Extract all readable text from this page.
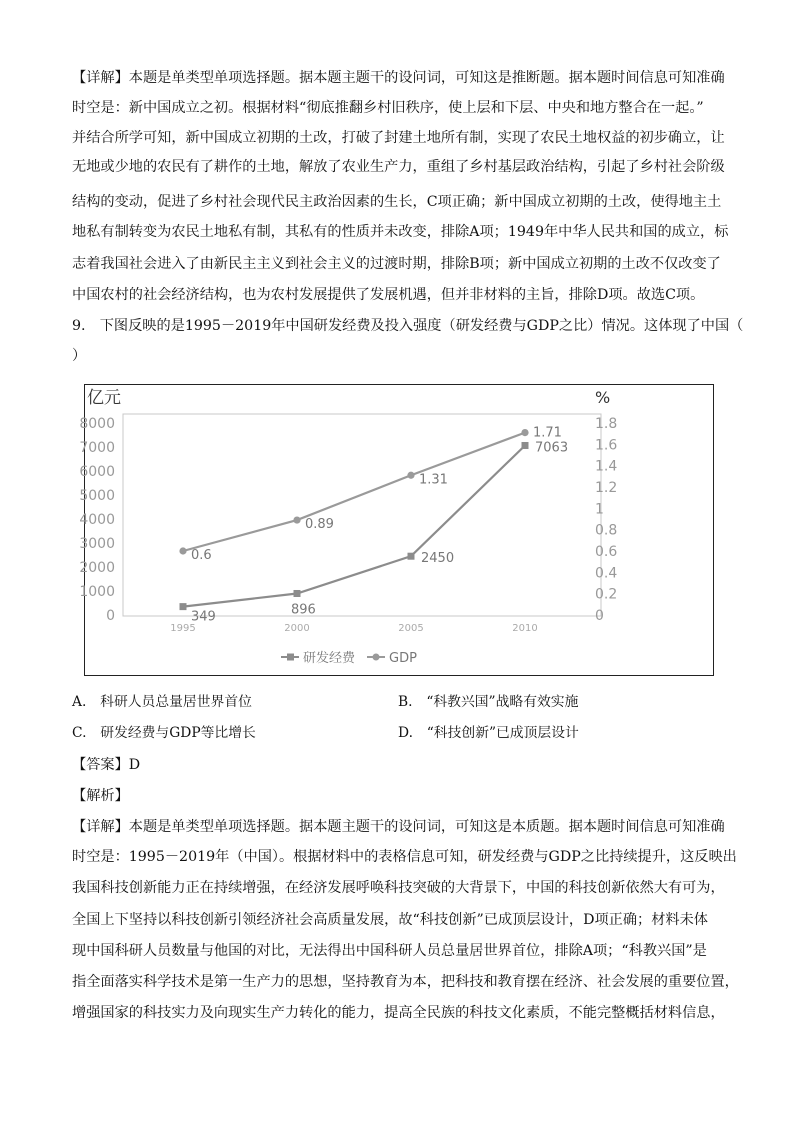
【详解】本题是单类型单项选择题。据本题主题干的设问词，可知这是推断题。据本题时间信息可知准确
时空是：新中国成立之初。根据材料“彻底推翻乡村旧秩序，使上层和下层、中央和地方整合在一起。”
并结合所学可知，新中国成立初期的土改，打破了封建土地所有制，实现了农民土地权益的初步确立，让
无地或少地的农民有了耕作的土地，解放了农业生产力，重组了乡村基层政治结构，引起了乡村社会阶级
结构的变动，促进了乡村社会现代民主政治因素的生长，C项正确；新中国成立初期的土改，使得地主土
地私有制转变为农民土地私有制，其私有的性质并未改变，排除A项；1949年中华人民共和国的成立，标
志着我国社会进入了由新民主主义到社会主义的过渡时期，排除B项；新中国成立初期的土改不仅改变了
中国农村的社会经济结构，也为农村发展提供了发展机遇，但并非材料的主旨，排除D项。故选C项。
9.　下图反映的是1995－2019年中国研发经费及投入强度（研发经费与GDP之比）情况。这体现了中国（
）
亿元	%
0
1000
2000
3000
4000
5000
6000
7000
8000
0
0.2
0.4
0.6
0.8
1
1.2
1.4
1.6
1.8
1995	2000	2005	2010
349	896
2450
7063
0.6
0.89
1.31
1.71
研发经费	GDP
A.　科研人员总量居世界首位	B.　“科教兴国”战略有效实施
C.　研发经费与GDP等比增长	D.　“科技创新”已成顶层设计
【答案】D
【解析】
【详解】本题是单类型单项选择题。据本题主题干的设问词，可知这是本质题。据本题时间信息可知准确
时空是：1995－2019年（中国）。根据材料中的表格信息可知，研发经费与GDP之比持续提升，这反映出
我国科技创新能力正在持续增强，在经济发展呼唤科技突破的大背景下，中国的科技创新依然大有可为，
全国上下坚持以科技创新引领经济社会高质量发展，故“科技创新”已成顶层设计，D项正确；材料未体
现中国科研人员数量与他国的对比，无法得出中国科研人员总量居世界首位，排除A项；“科教兴国”是
指全面落实科学技术是第一生产力的思想，坚持教育为本，把科技和教育摆在经济、社会发展的重要位置，
增强国家的科技实力及向现实生产力转化的能力，提高全民族的科技文化素质，不能完整概括材料信息，
